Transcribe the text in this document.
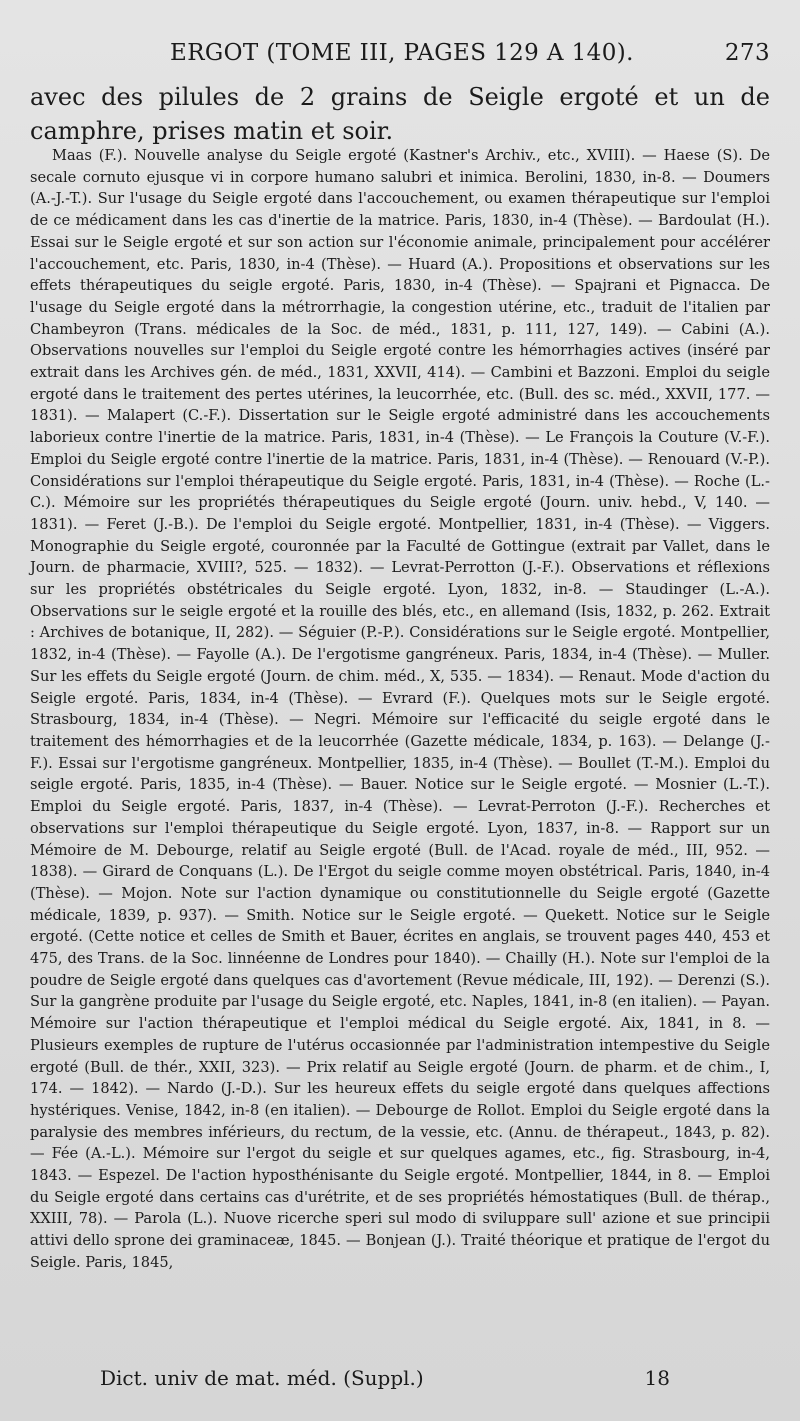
ERGOT (TOME III, PAGES 129 A 140).	273

avec des pilules de 2 grains de Seigle ergoté et un de camphre, prises matin et soir.

Maas (F.). Nouvelle analyse du Seigle ergoté (Kastner's Archiv., etc., XVIII). — Haese (S). De secale cornuto ejusque vi in corpore humano salubri et inimica. Berolini, 1830, in-8. — Doumers (A.-J.-T.). Sur l'usage du Seigle ergoté dans l'accouchement, ou examen thérapeutique sur l'emploi de ce médicament dans les cas d'inertie de la matrice. Paris, 1830, in-4 (Thèse). — Bardoulat (H.). Essai sur le Seigle ergoté et sur son action sur l'économie animale, principalement pour accélérer l'accouchement, etc. Paris, 1830, in-4 (Thèse). — Huard (A.). Propositions et observations sur les effets thérapeutiques du seigle ergoté. Paris, 1830, in-4 (Thèse). — Spajrani et Pignacca. De l'usage du Seigle ergoté dans la métrorrhagie, la congestion utérine, etc., traduit de l'italien par Chambeyron (Trans. médicales de la Soc. de méd., 1831, p. 111, 127, 149). — Cabini (A.). Observations nouvelles sur l'emploi du Seigle ergoté contre les hémorrhagies actives (inséré par extrait dans les Archives gén. de méd., 1831, XXVII, 414). — Cambini et Bazzoni. Emploi du seigle ergoté dans le traitement des pertes utérines, la leucorrhée, etc. (Bull. des sc. méd., XXVII, 177. — 1831). — Malapert (C.-F.). Dissertation sur le Seigle ergoté administré dans les accouchements laborieux contre l'inertie de la matrice. Paris, 1831, in-4 (Thèse). — Le François la Couture (V.-F.). Emploi du Seigle ergoté contre l'inertie de la matrice. Paris, 1831, in-4 (Thèse). — Renouard (V.-P.). Considérations sur l'emploi thérapeutique du Seigle ergoté. Paris, 1831, in-4 (Thèse). — Roche (L.-C.). Mémoire sur les propriétés thérapeutiques du Seigle ergoté (Journ. univ. hebd., V, 140. — 1831). — Feret (J.-B.). De l'emploi du Seigle ergoté. Montpellier, 1831, in-4 (Thèse). — Viggers. Monographie du Seigle ergoté, couronnée par la Faculté de Gottingue (extrait par Vallet, dans le Journ. de pharmacie, XVIII?, 525. — 1832). — Levrat-Perrotton (J.-F.). Observations et réflexions sur les propriétés obstétricales du Seigle ergoté. Lyon, 1832, in-8. — Staudinger (L.-A.). Observations sur le seigle ergoté et la rouille des blés, etc., en allemand (Isis, 1832, p. 262. Extrait : Archives de botanique, II, 282). — Séguier (P.-P.). Considérations sur le Seigle ergoté. Montpellier, 1832, in-4 (Thèse). — Fayolle (A.). De l'ergotisme gangréneux. Paris, 1834, in-4 (Thèse). — Muller. Sur les effets du Seigle ergoté (Journ. de chim. méd., X, 535. — 1834). — Renaut. Mode d'action du Seigle ergoté. Paris, 1834, in-4 (Thèse). — Evrard (F.). Quelques mots sur le Seigle ergoté. Strasbourg, 1834, in-4 (Thèse). — Negri. Mémoire sur l'efficacité du seigle ergoté dans le traitement des hémorrhagies et de la leucorrhée (Gazette médicale, 1834, p. 163). — Delange (J.-F.). Essai sur l'ergotisme gangréneux. Montpellier, 1835, in-4 (Thèse). — Boullet (T.-M.). Emploi du seigle ergoté. Paris, 1835, in-4 (Thèse). — Bauer. Notice sur le Seigle ergoté. — Mosnier (L.-T.). Emploi du Seigle ergoté. Paris, 1837, in-4 (Thèse). — Levrat-Perroton (J.-F.). Recherches et observations sur l'emploi thérapeutique du Seigle ergoté. Lyon, 1837, in-8. — Rapport sur un Mémoire de M. Debourge, relatif au Seigle ergoté (Bull. de l'Acad. royale de méd., III, 952. — 1838). — Girard de Conquans (L.). De l'Ergot du seigle comme moyen obstétrical. Paris, 1840, in-4 (Thèse). — Mojon. Note sur l'action dynamique ou constitutionnelle du Seigle ergoté (Gazette médicale, 1839, p. 937). — Smith. Notice sur le Seigle ergoté. — Quekett. Notice sur le Seigle ergoté. (Cette notice et celles de Smith et Bauer, écrites en anglais, se trouvent pages 440, 453 et 475, des Trans. de la Soc. linnéenne de Londres pour 1840). — Chailly (H.). Note sur l'emploi de la poudre de Seigle ergoté dans quelques cas d'avortement (Revue médicale, III, 192). — Derenzi (S.). Sur la gangrène produite par l'usage du Seigle ergoté, etc. Naples, 1841, in-8 (en italien). — Payan. Mémoire sur l'action thérapeutique et l'emploi médical du Seigle ergoté. Aix, 1841, in 8. — Plusieurs exemples de rupture de l'utérus occasionnée par l'administration intempestive du Seigle ergoté (Bull. de thér., XXII, 323). — Prix relatif au Seigle ergoté (Journ. de pharm. et de chim., I, 174. — 1842). — Nardo (J.-D.). Sur les heureux effets du seigle ergoté dans quelques affections hystériques. Venise, 1842, in-8 (en italien). — Debourge de Rollot. Emploi du Seigle ergoté dans la paralysie des membres inférieurs, du rectum, de la vessie, etc. (Annu. de thérapeut., 1843, p. 82). — Fée (A.-L.). Mémoire sur l'ergot du seigle et sur quelques agames, etc., fig. Strasbourg, in-4, 1843. — Espezel. De l'action hyposthénisante du Seigle ergoté. Montpellier, 1844, in 8. — Emploi du Seigle ergoté dans certains cas d'urétrite, et de ses propriétés hémostatiques (Bull. de thérap., XXIII, 78). — Parola (L.). Nuove ricerche speri sul modo di sviluppare sull' azione et sue principii attivi dello sprone dei graminaceæ, 1845. — Bonjean (J.). Traité théorique et pratique de l'ergot du Seigle. Paris, 1845,

Dict. univ de mat. méd. (Suppl.)	18
